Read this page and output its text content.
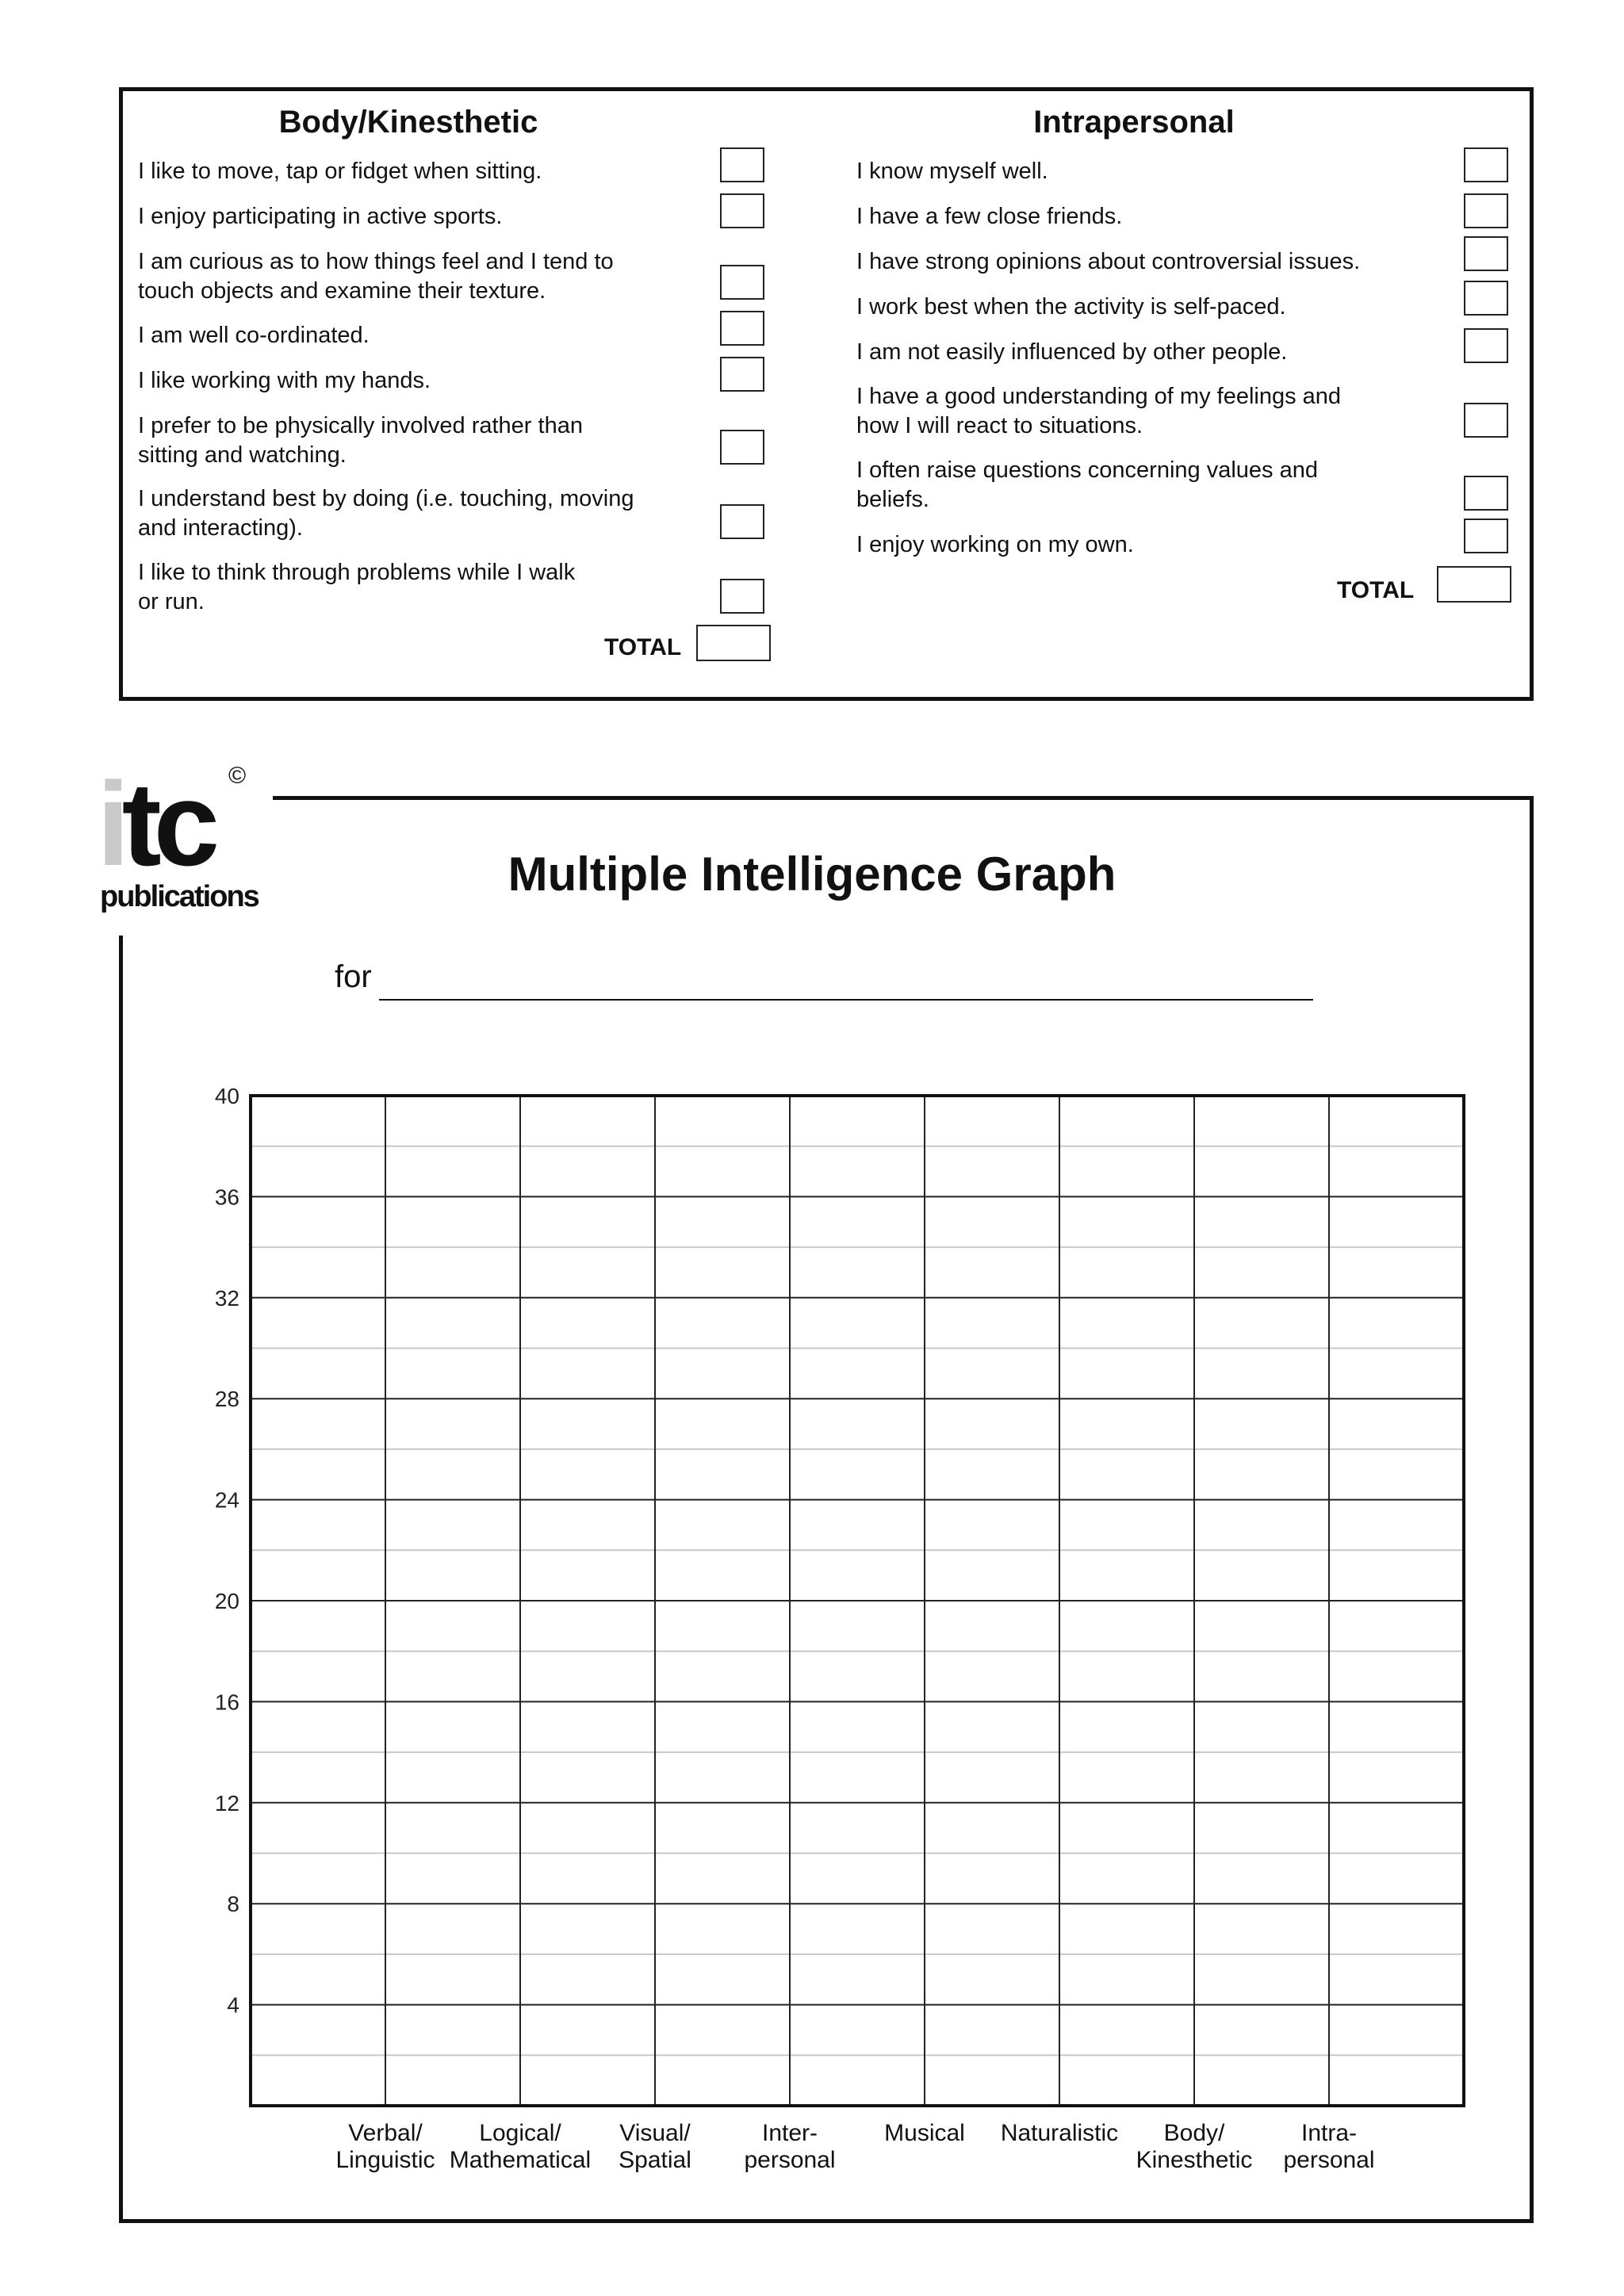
Body/Kinesthetic
I like to move, tap or fidget when sitting.
I enjoy participating in active sports.
I am curious as to how things feel and I tend to
touch objects and examine their texture.
I am well co-ordinated.
I like working with my hands.
I prefer to be physically involved rather than
sitting and watching.
I understand best by doing (i.e. touching, moving
and interacting).
I like to think through problems while I walk
or run.
TOTAL
Intrapersonal
I know myself well.
I have a few close friends.
I have strong opinions about controversial issues.
I work best when the activity is self-paced.
I am not easily influenced by other people.
I have a good understanding of my feelings and
how I will react to situations.
I often raise questions concerning values and
beliefs.
I enjoy working on my own.
TOTAL
itc
publications
©
Multiple Intelligence Graph
for
4
8
12
16
20
24
28
32
36
40
Verbal/
Linguistic
Logical/
Mathematical
Visual/
Spatial
Inter-
personal
Musical Naturalistic Body/
Kinesthetic
Intra-
personal
